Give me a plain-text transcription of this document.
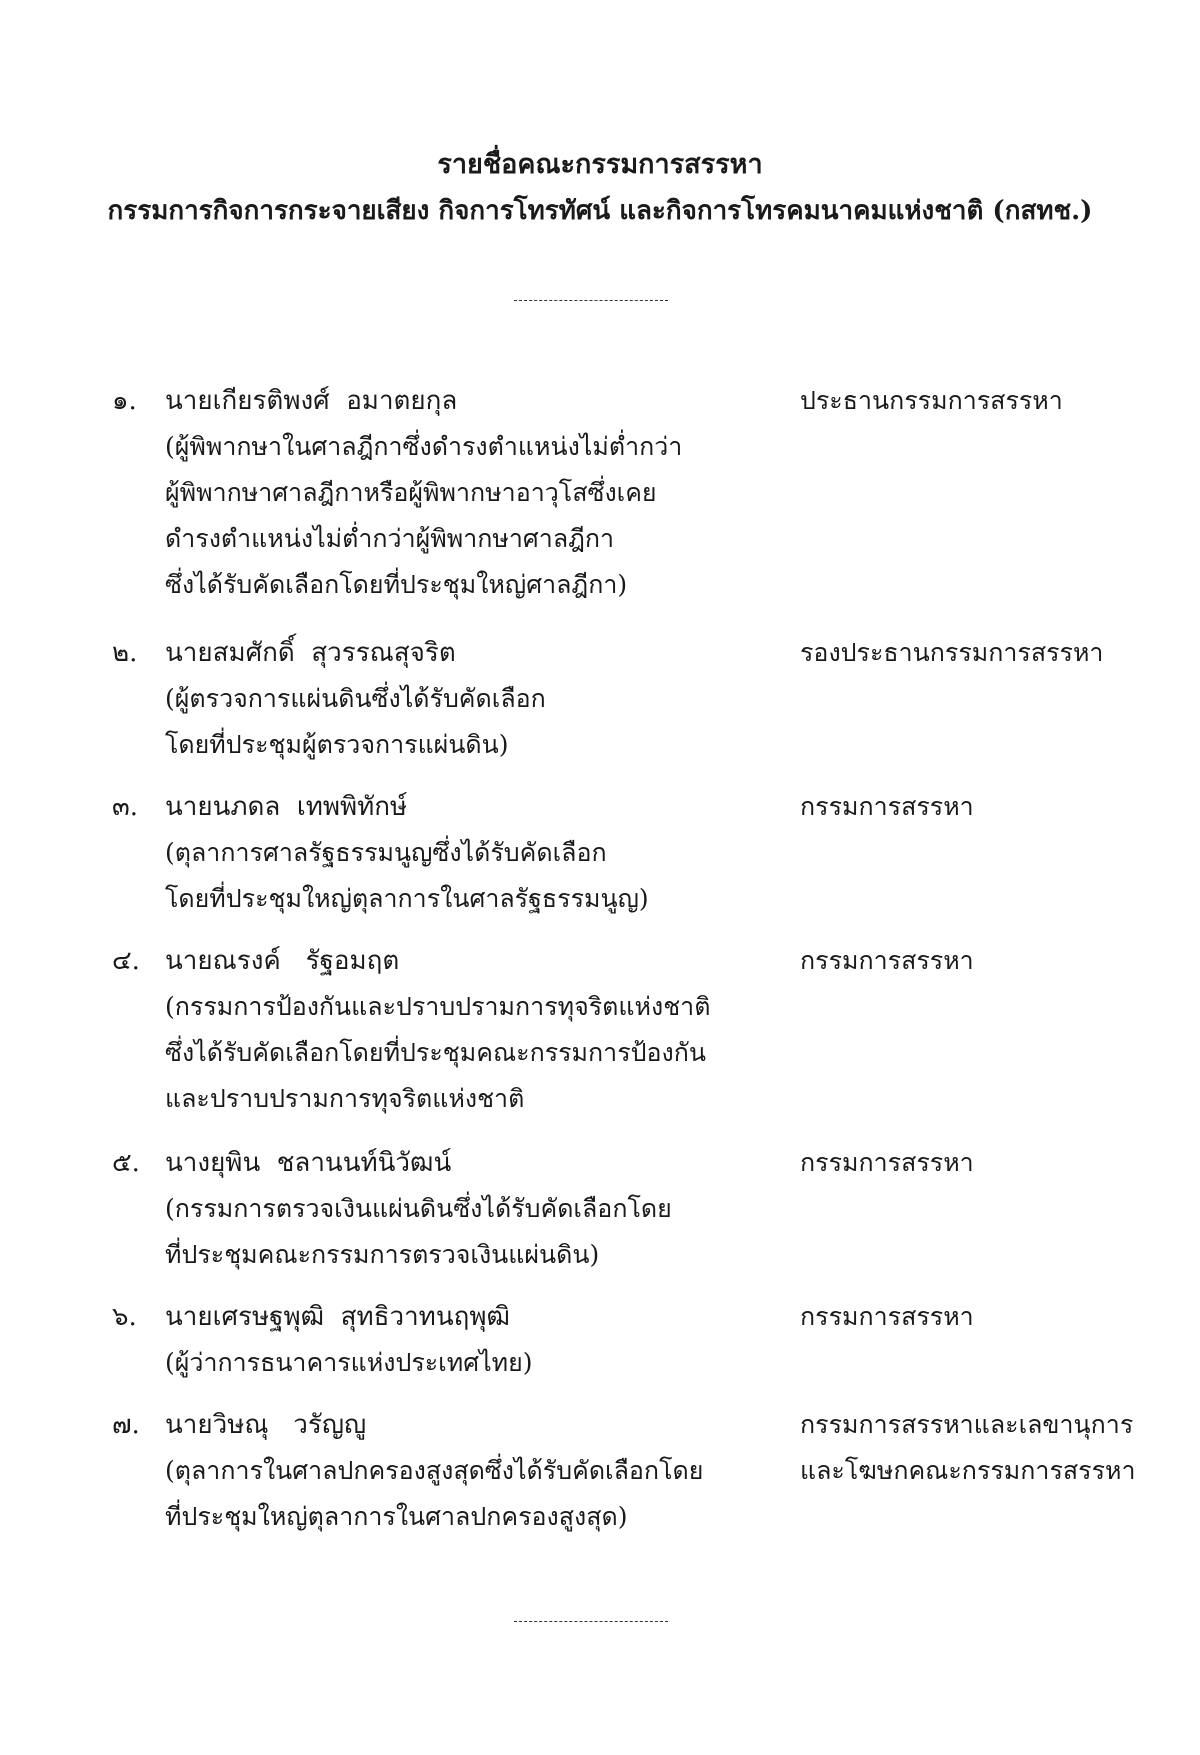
รายชื่อคณะกรรมการสรรหา
กรรมการกิจการกระจายเสียง กิจการโทรทัศน์ และกิจการโทรคมนาคมแห่งชาติ (กสทช.)
๑.	นายเกียรติพงศ์  อมาตยกุล	ประธานกรรมการสรรหา
(ผู้พิพากษาในศาลฎีกาซึ่งดำรงตำแหน่งไม่ต่ำกว่า
ผู้พิพากษาศาลฎีกาหรือผู้พิพากษาอาวุโสซึ่งเคย
ดำรงตำแหน่งไม่ต่ำกว่าผู้พิพากษาศาลฎีกา
ซึ่งได้รับคัดเลือกโดยที่ประชุมใหญ่ศาลฎีกา)
๒.	นายสมศักดิ์  สุวรรณสุจริต	รองประธานกรรมการสรรหา
(ผู้ตรวจการแผ่นดินซึ่งได้รับคัดเลือก
โดยที่ประชุมผู้ตรวจการแผ่นดิน)
๓.	นายนภดล  เทพพิทักษ์	กรรมการสรรหา
(ตุลาการศาลรัฐธรรมนูญซึ่งได้รับคัดเลือก
โดยที่ประชุมใหญ่ตุลาการในศาลรัฐธรรมนูญ)
๔. นายณรงค์   รัฐอมฤต	กรรมการสรรหา
(กรรมการป้องกันและปราบปรามการทุจริตแห่งชาติ
ซึ่งได้รับคัดเลือกโดยที่ประชุมคณะกรรมการป้องกัน
และปราบปรามการทุจริตแห่งชาติ
๕. นางยุพิน  ชลานนท์นิวัฒน์	กรรมการสรรหา
(กรรมการตรวจเงินแผ่นดินซึ่งได้รับคัดเลือกโดย
ที่ประชุมคณะกรรมการตรวจเงินแผ่นดิน)
๖.	นายเศรษฐพุฒิ  สุทธิวาทนฤพุฒิ	กรรมการสรรหา
(ผู้ว่าการธนาคารแห่งประเทศไทย)
๗. นายวิษณุ   วรัญญู	กรรมการสรรหาและเลขานุการ
และโฆษกคณะกรรมการสรรหา
(ตุลาการในศาลปกครองสูงสุดซึ่งได้รับคัดเลือกโดย
ที่ประชุมใหญ่ตุลาการในศาลปกครองสูงสุด)
